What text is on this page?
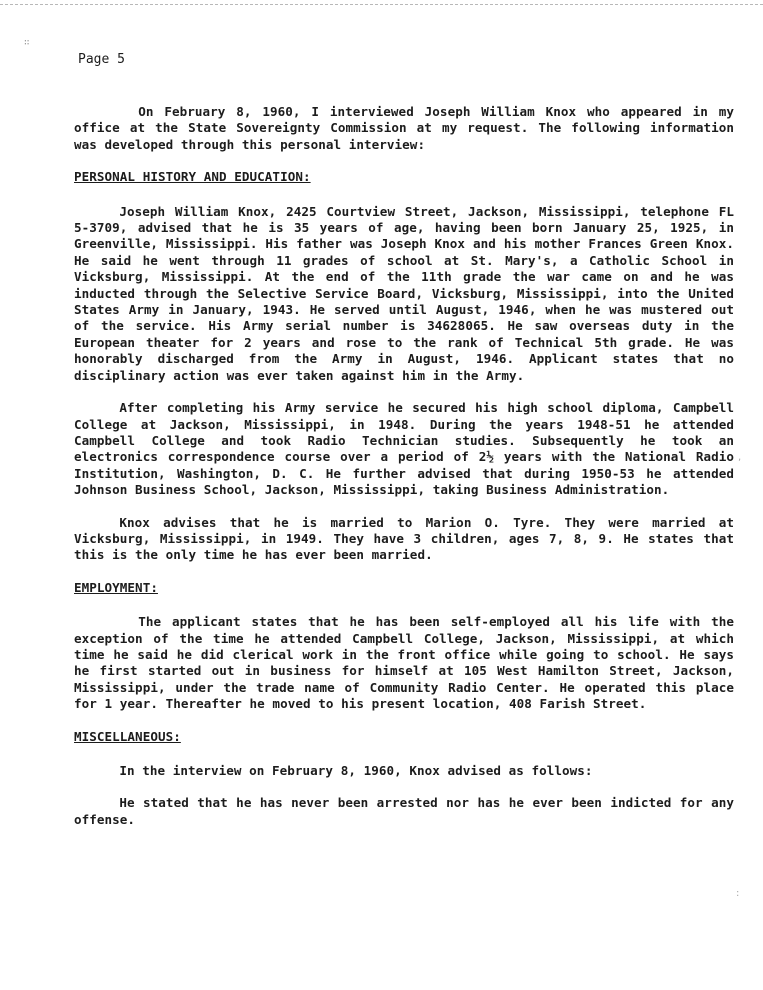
∷
,
:
Page 5

On February 8, 1960, I interviewed Joseph William Knox who appeared in my office at the State Sovereignty Commission at my request. The following information was developed through this personal interview:

PERSONAL HISTORY AND EDUCATION:

Joseph William Knox, 2425 Courtview Street, Jackson, Mississippi, telephone FL 5-3709, advised that he is 35 years of age, having been born January 25, 1925, in Greenville, Mississippi. His father was Joseph Knox and his mother Frances Green Knox. He said he went through 11 grades of school at St. Mary's, a Catholic School in Vicksburg, Mississippi. At the end of the 11th grade the war came on and he was inducted through the Selective Service Board, Vicksburg, Mississippi, into the United States Army in January, 1943. He served until August, 1946, when he was mustered out of the service. His Army serial number is 34628065. He saw overseas duty in the European theater for 2 years and rose to the rank of Technical 5th grade. He was honorably discharged from the Army in August, 1946. Applicant states that no disciplinary action was ever taken against him in the Army.

After completing his Army service he secured his high school diploma, Campbell College at Jackson, Mississippi, in 1948. During the years 1948-51 he attended Campbell College and took Radio Technician studies. Subsequently he took an electronics correspondence course over a period of 2½ years with the National Radio Institution, Washington, D. C. He further advised that during 1950-53 he attended Johnson Business School, Jackson, Mississippi, taking Business Administration.

Knox advises that he is married to Marion O. Tyre. They were married at Vicksburg, Mississippi, in 1949. They have 3 children, ages 7, 8, 9. He states that this is the only time he has ever been married.

EMPLOYMENT:

The applicant states that he has been self-employed all his life with the exception of the time he attended Campbell College, Jackson, Mississippi, at which time he said he did clerical work in the front office while going to school. He says he first started out in business for himself at 105 West Hamilton Street, Jackson, Mississippi, under the trade name of Community Radio Center. He operated this place for 1 year. Thereafter he moved to his present location, 408 Farish Street.

MISCELLANEOUS:

In the interview on February 8, 1960, Knox advised as follows:

He stated that he has never been arrested nor has he ever been indicted for any offense.
